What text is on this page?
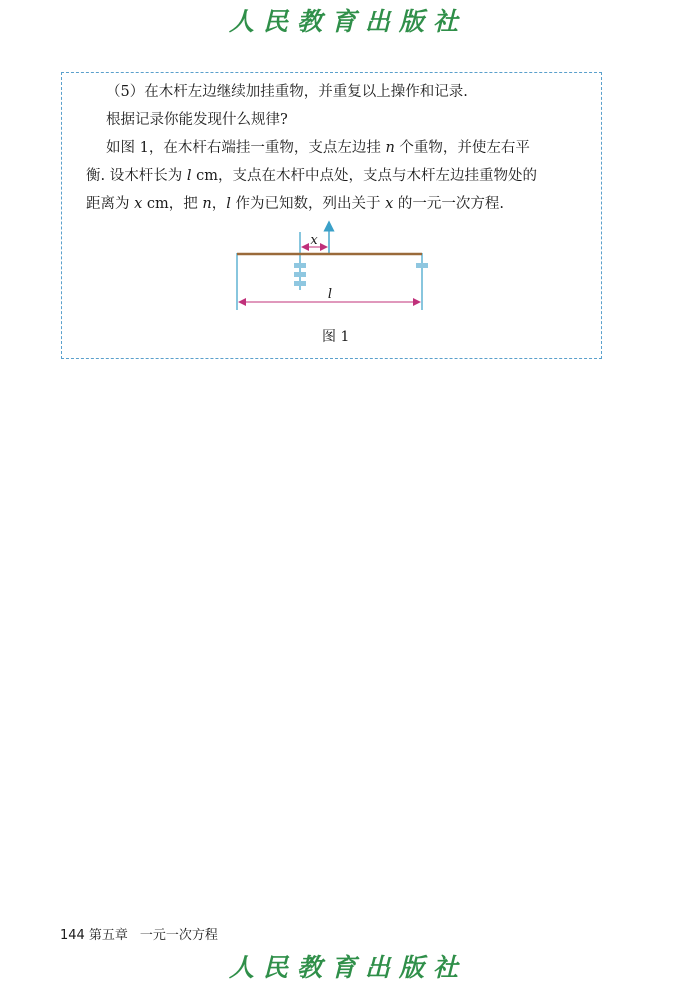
人民教育出版社
（5）在木杆左边继续加挂重物，并重复以上操作和记录.
根据记录你能发现什么规律?
如图 1，在木杆右端挂一重物，支点左边挂 n 个重物，并使左右平
衡. 设木杆长为 l cm，支点在木杆中点处，支点与木杆左边挂重物处的
距离为 x cm，把 n，l 作为已知数，列出关于 x 的一元一次方程.
x
l
图 1
144 第五章 一元一次方程
人民教育出版社
